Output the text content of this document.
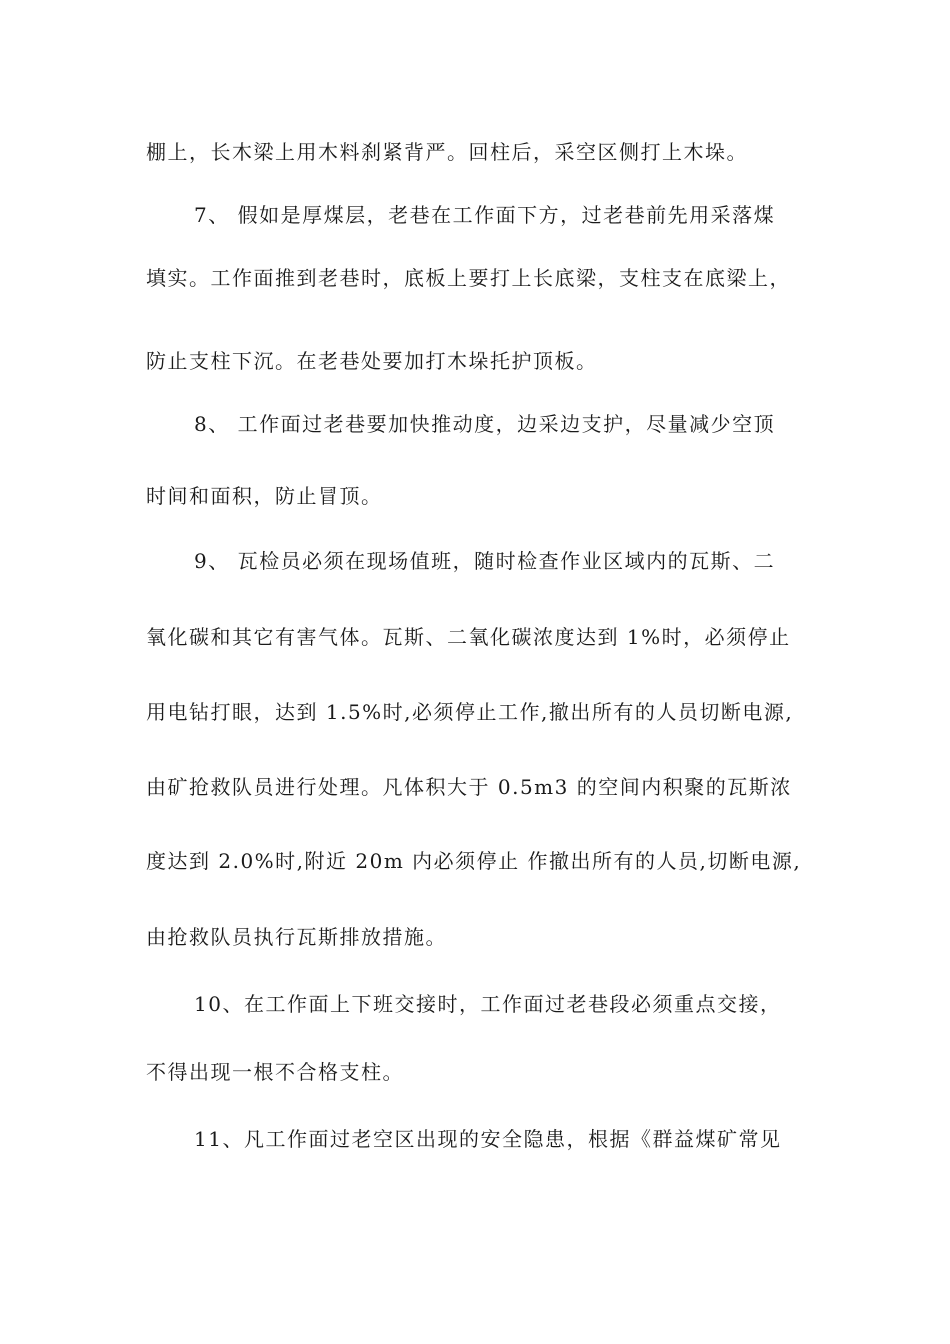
棚上，长木梁上用木料刹紧背严。回柱后，采空区侧打上木垛。
7、 假如是厚煤层，老巷在工作面下方，过老巷前先用采落煤
填实。工作面推到老巷时，底板上要打上长底梁，支柱支在底梁上，
防止支柱下沉。在老巷处要加打木垛托护顶板。
8、 工作面过老巷要加快推动度，边采边支护，尽量减少空顶
时间和面积，防止冒顶。
9、 瓦检员必须在现场值班，随时检查作业区域内的瓦斯、二
氧化碳和其它有害气体。瓦斯、二氧化碳浓度达到 1%时，必须停止
用电钻打眼，达到 1.5%时,必须停止工作,撤出所有的人员切断电源,
由矿抢救队员进行处理。凡体积大于 0.5m3 的空间内积聚的瓦斯浓
度达到 2.0%时,附近 20m 内必须停止 作撤出所有的人员,切断电源,
由抢救队员执行瓦斯排放措施。
10、在工作面上下班交接时，工作面过老巷段必须重点交接，
不得出现一根不合格支柱。
11、凡工作面过老空区出现的安全隐患，根据《群益煤矿常见
